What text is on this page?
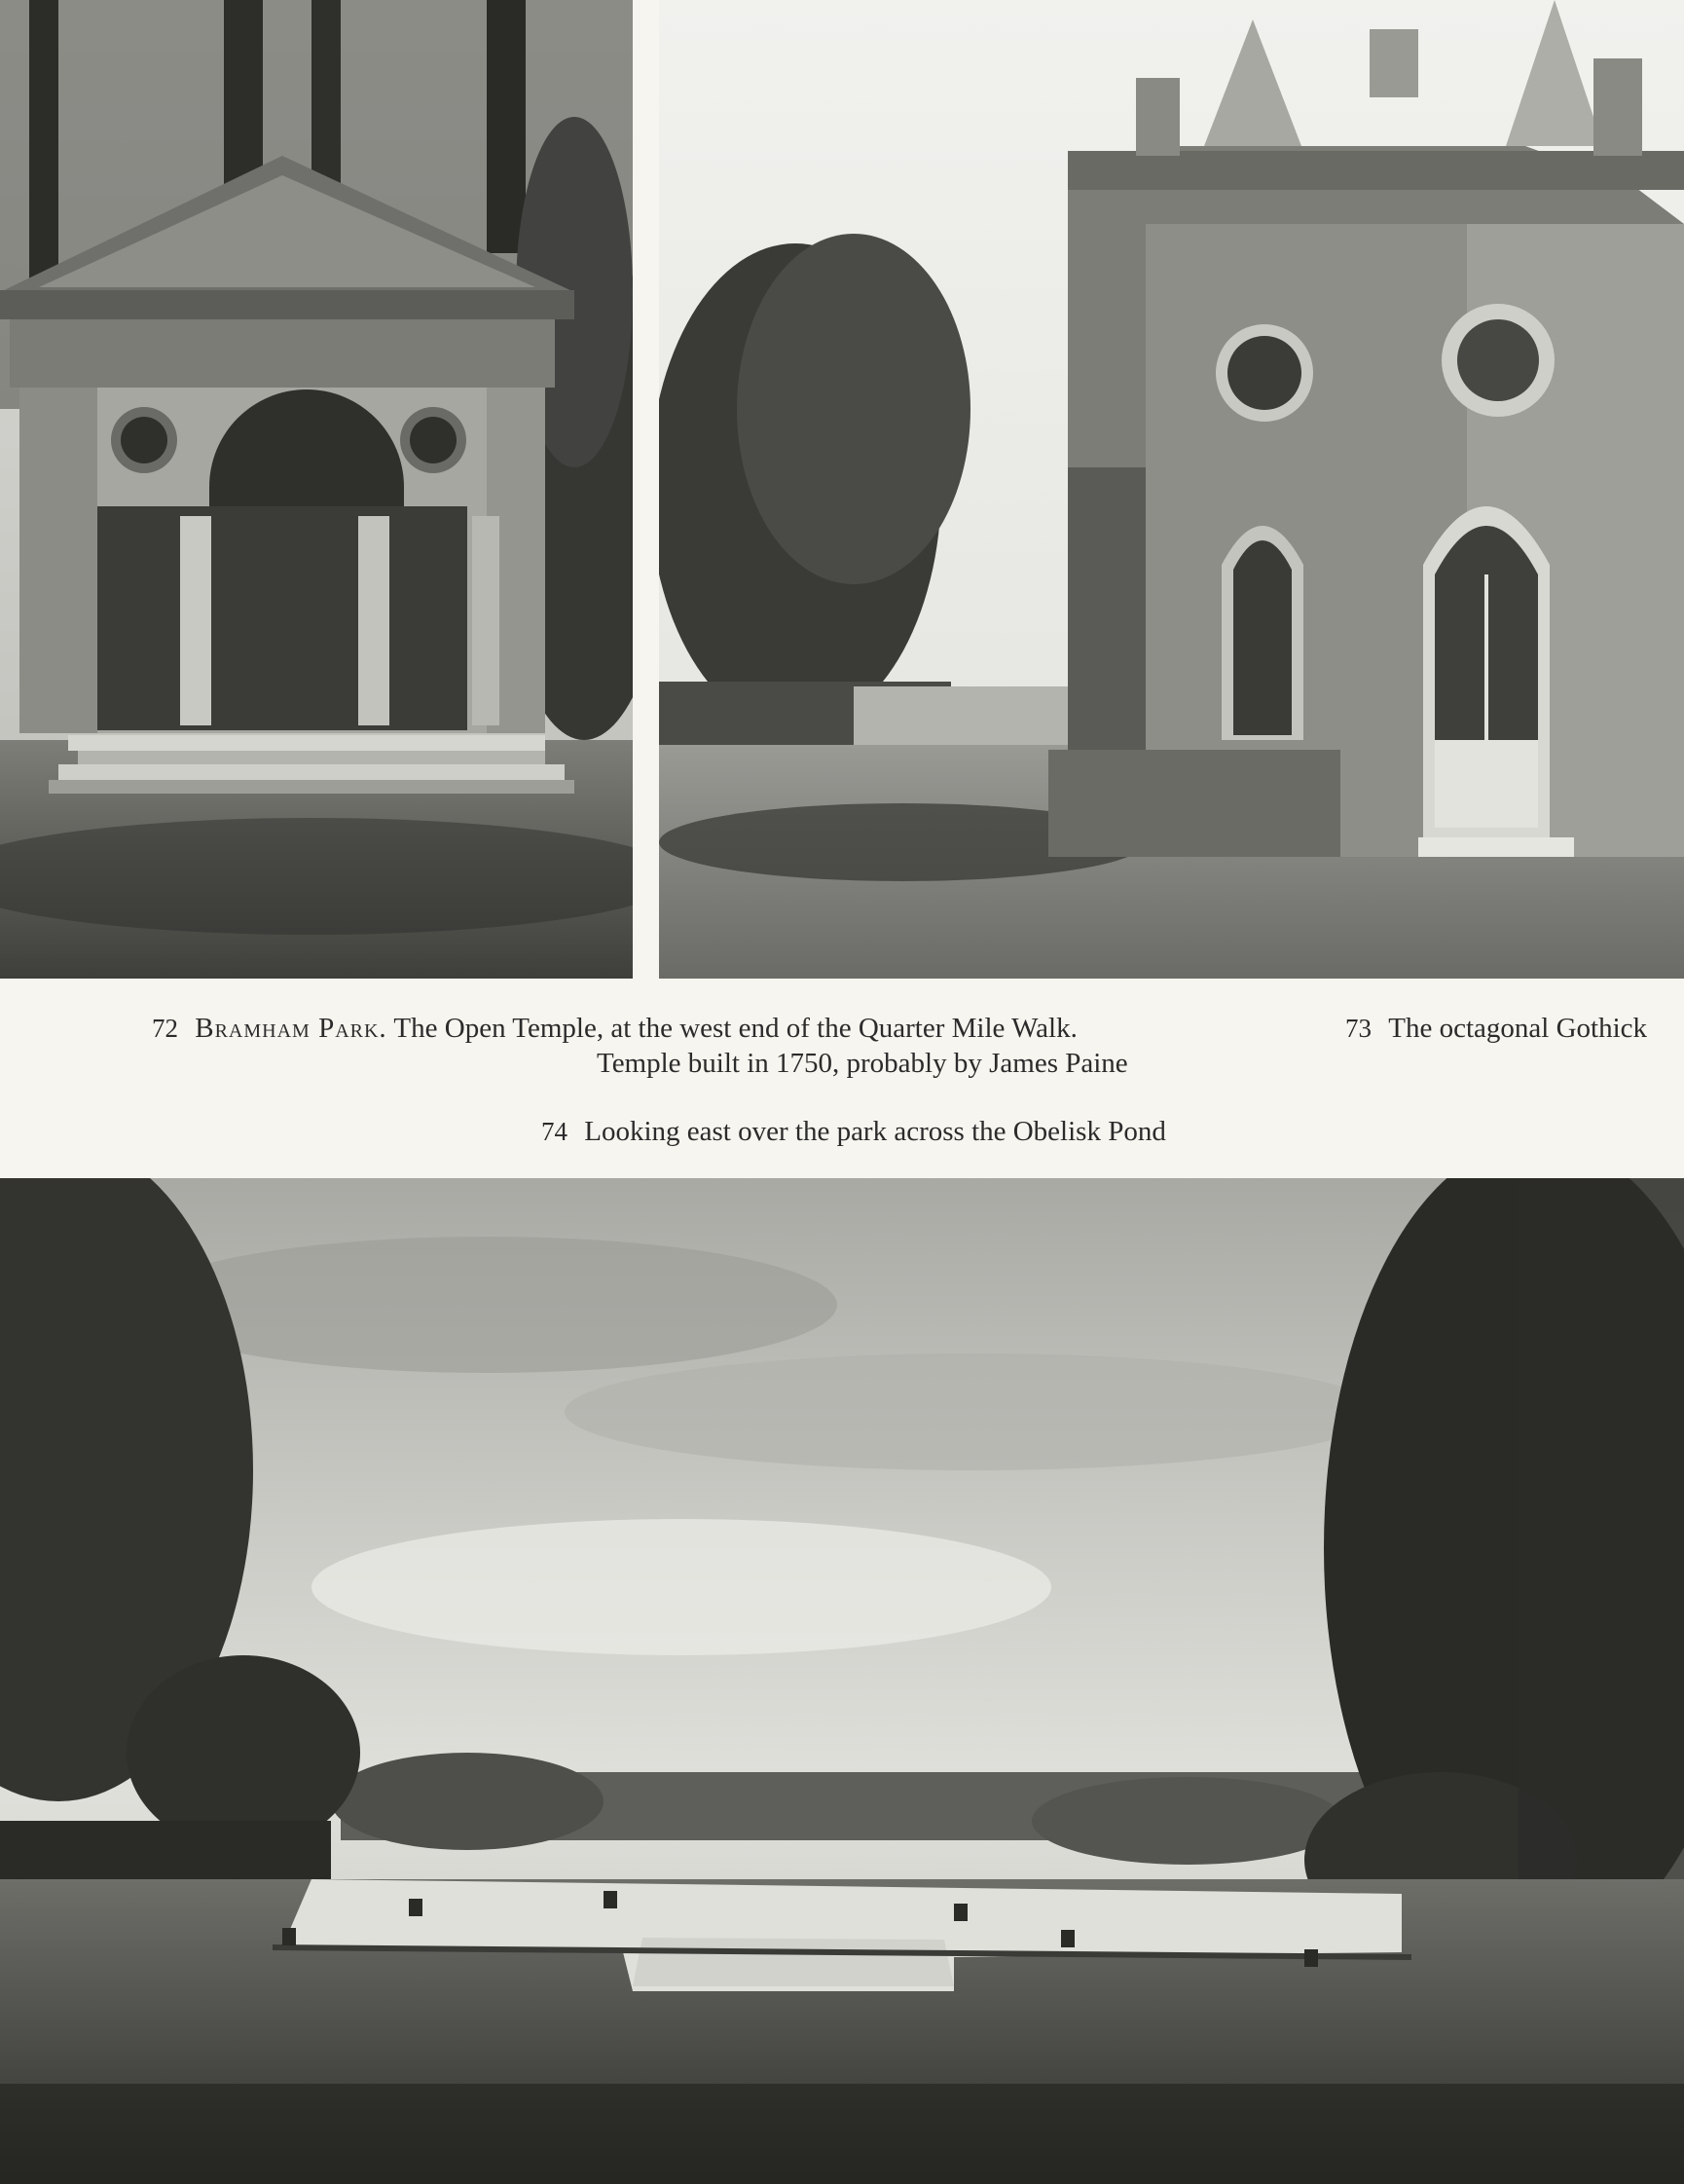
72 Bramham Park. The Open Temple, at the west end of the Quarter Mile Walk.
Temple built in 1750, probably by James Paine
73 The octagonal Gothick
74 Looking east over the park across the Obelisk Pond
